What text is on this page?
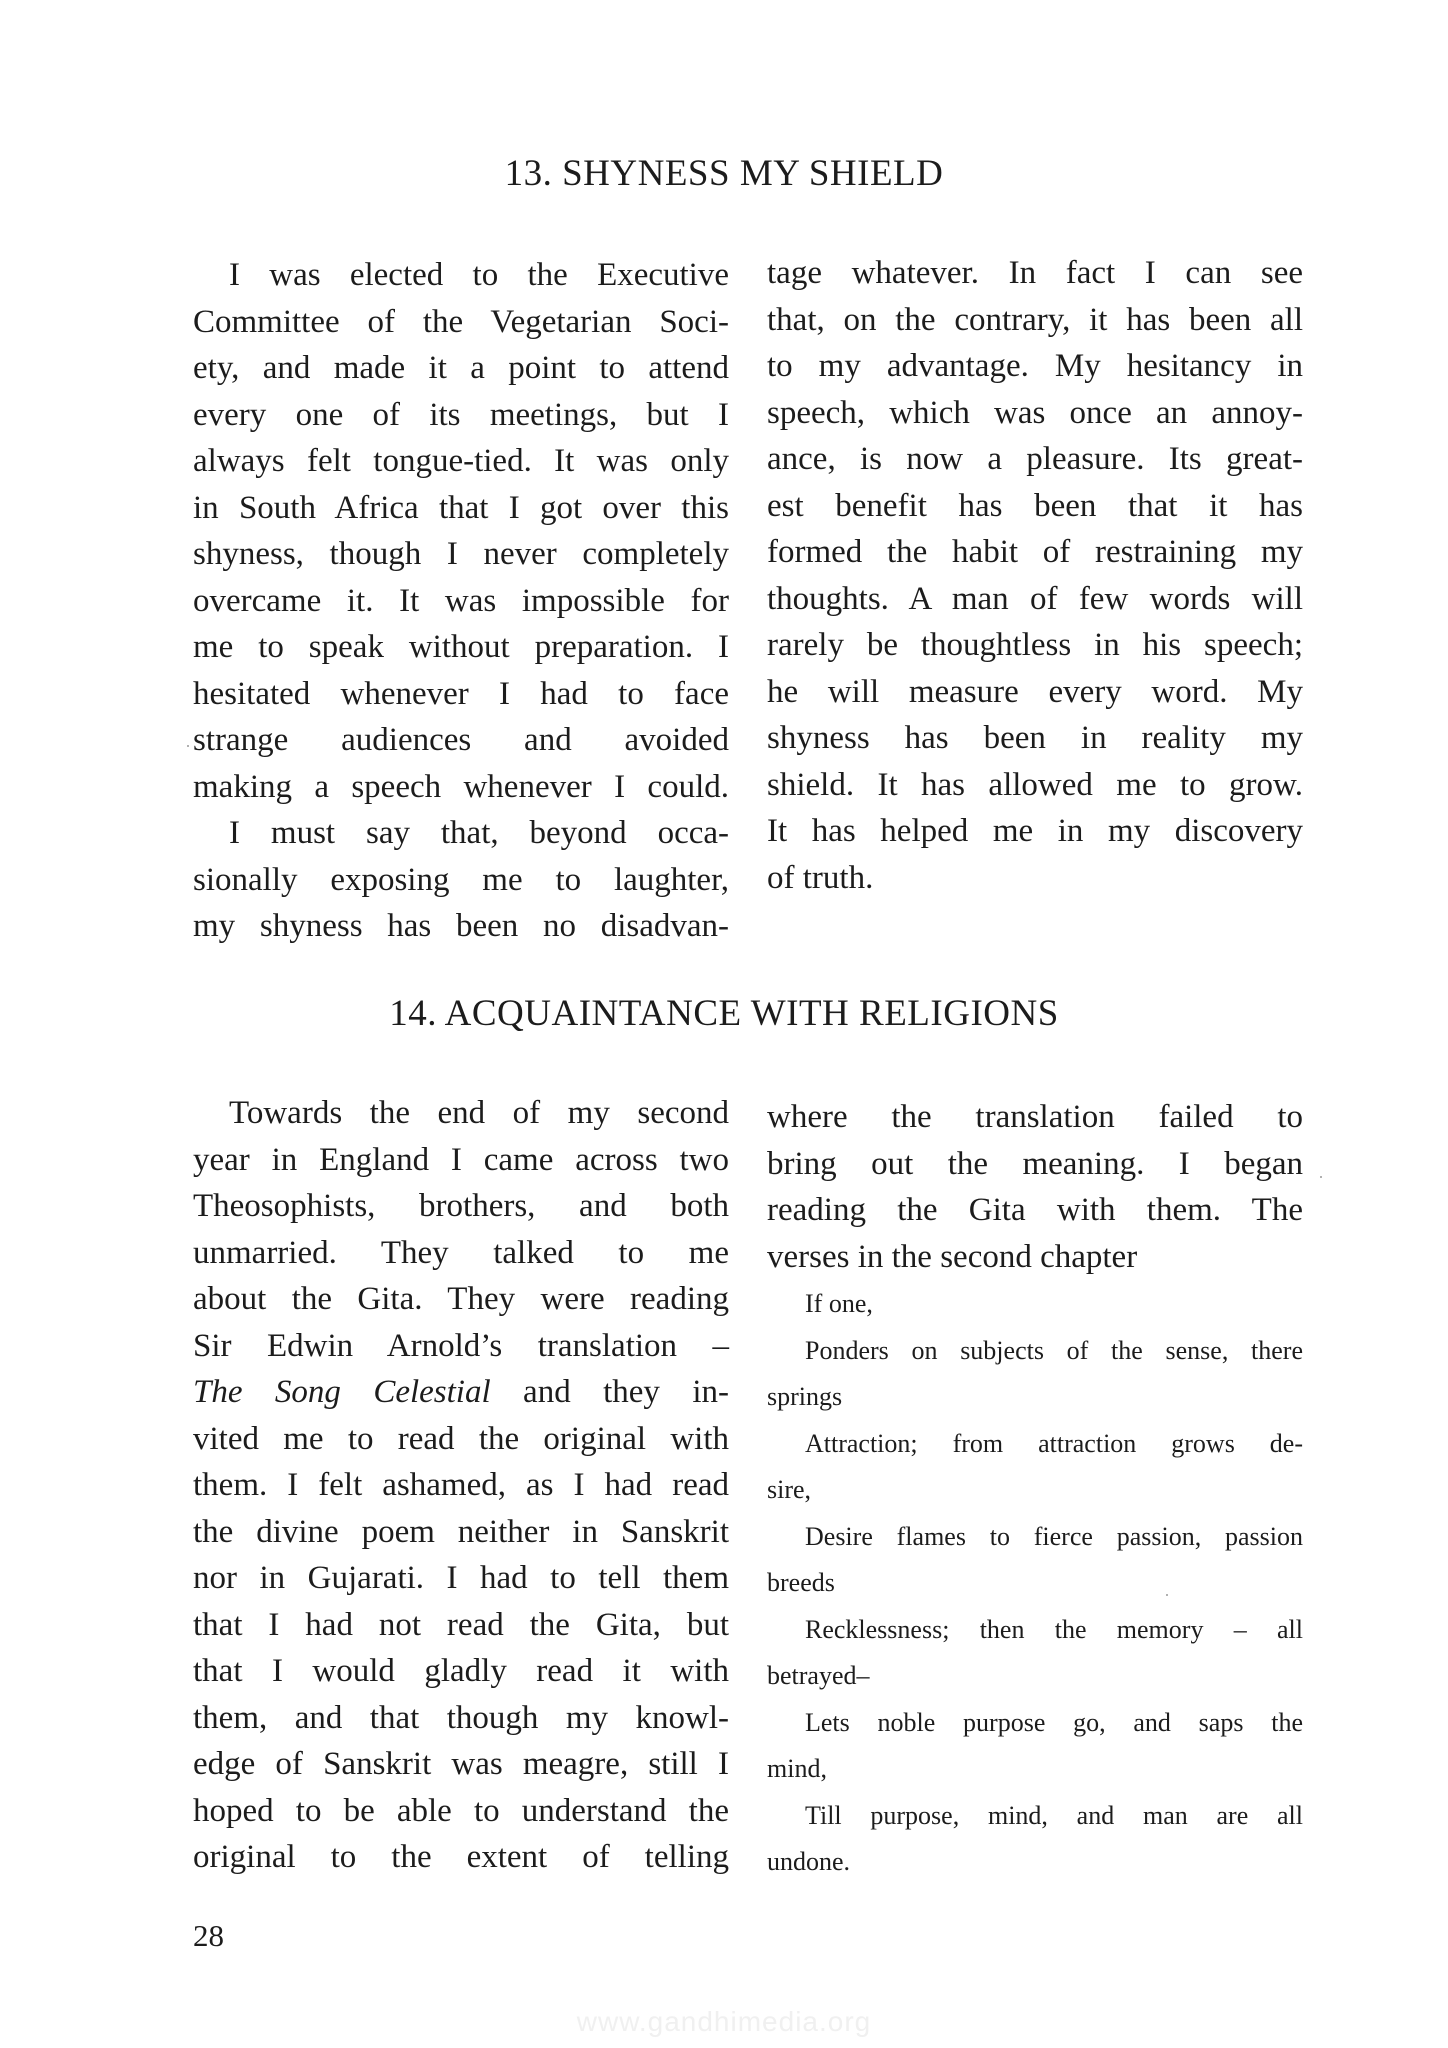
13. SHYNESS MY SHIELD

I was elected to the Executive
Committee of the Vegetarian Soci-
ety, and made it a point to attend
every one of its meetings, but I
always felt tongue-tied. It was only
in South Africa that I got over this
shyness, though I never completely
overcame it. It was impossible for
me to speak without preparation. I
hesitated whenever I had to face
strange audiences and avoided
making a speech whenever I could.

I must say that, beyond occa-
sionally exposing me to laughter,
my shyness has been no disadvan-

tage whatever. In fact I can see
that, on the contrary, it has been all
to my advantage. My hesitancy in
speech, which was once an annoy-
ance, is now a pleasure. Its great-
est benefit has been that it has
formed the habit of restraining my
thoughts. A man of few words will
rarely be thoughtless in his speech;
he will measure every word. My
shyness has been in reality my
shield. It has allowed me to grow.
It has helped me in my discovery
of truth.

14. ACQUAINTANCE WITH RELIGIONS

Towards the end of my second
year in England I came across two
Theosophists, brothers, and both
unmarried. They talked to me
about the Gita. They were reading
Sir Edwin Arnold’s translation –
The Song Celestial and they in-
vited me to read the original with
them. I felt ashamed, as I had read
the divine poem neither in Sanskrit
nor in Gujarati. I had to tell them
that I had not read the Gita, but
that I would gladly read it with
them, and that though my knowl-
edge of Sanskrit was meagre, still I
hoped to be able to understand the
original to the extent of telling

where the translation failed to
bring out the meaning. I began
reading the Gita with them. The
verses in the second chapter

If one,
Ponders on subjects of the sense, there
springs
Attraction; from attraction grows de-
sire,
Desire flames to fierce passion, passion
breeds
Recklessness; then the memory – all
betrayed–
Lets noble purpose go, and saps the
mind,
Till purpose, mind, and man are all
undone.
28
www.gandhimedia.org
